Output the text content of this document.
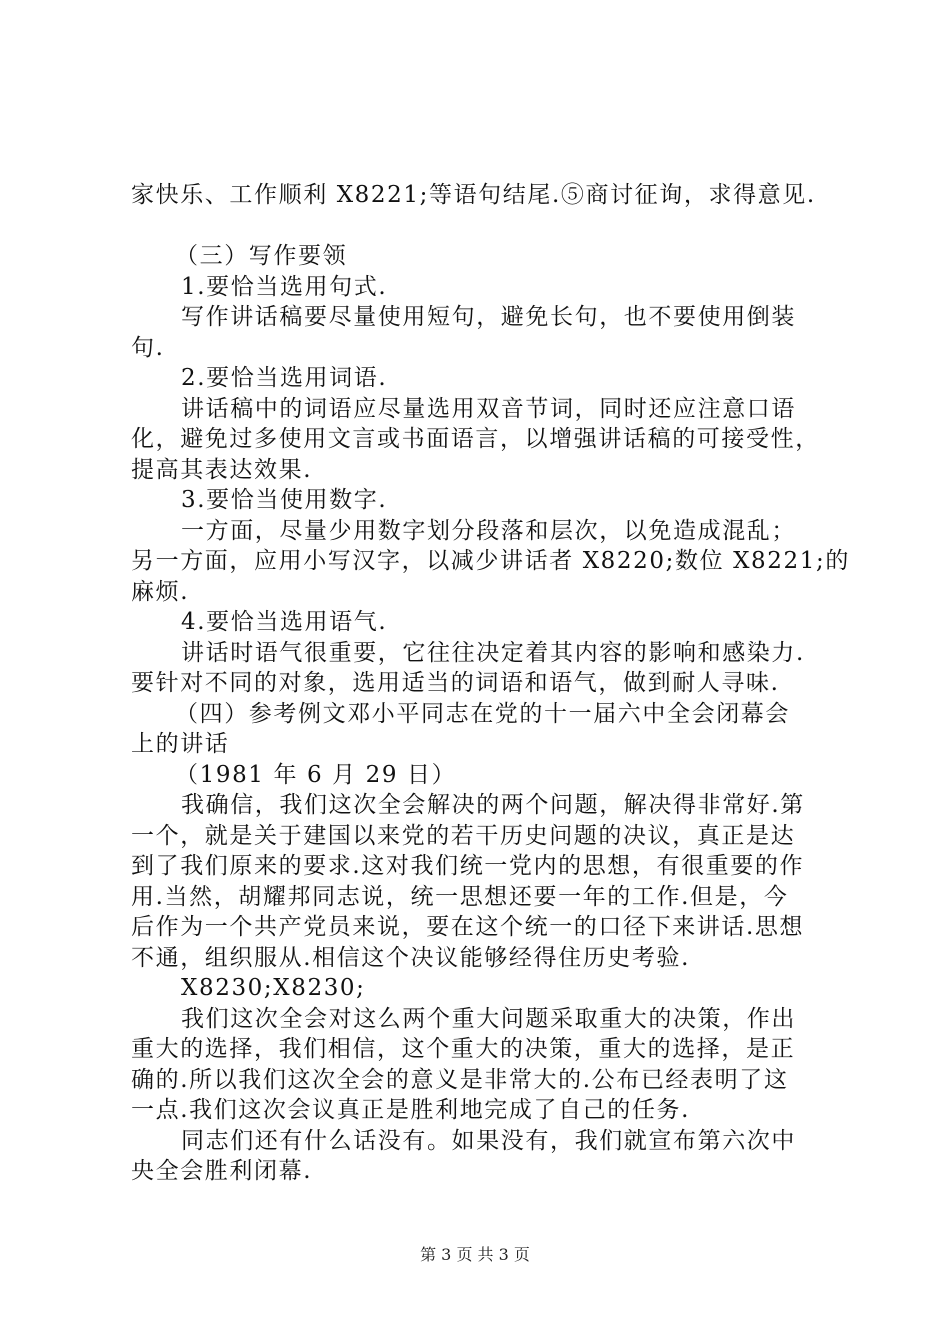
家快乐、工作顺利 X8221;等语句结尾.⑤商讨征询，求得意见.
（三）写作要领
1.要恰当选用句式.
写作讲话稿要尽量使用短句，避免长句，也不要使用倒装
句.
2.要恰当选用词语.
讲话稿中的词语应尽量选用双音节词，同时还应注意口语
化，避免过多使用文言或书面语言，以增强讲话稿的可接受性，
提高其表达效果.
3.要恰当使用数字.
一方面，尽量少用数字划分段落和层次，以免造成混乱；
另一方面，应用小写汉字，以减少讲话者 X8220;数位 X8221;的
麻烦.
4.要恰当选用语气.
讲话时语气很重要，它往往决定着其内容的影响和感染力.
要针对不同的对象，选用适当的词语和语气，做到耐人寻味.
（四）参考例文邓小平同志在党的十一届六中全会闭幕会
上的讲话
（1981 年 6 月 29 日）
我确信，我们这次全会解决的两个问题，解决得非常好.第
一个，就是关于建国以来党的若干历史问题的决议，真正是达
到了我们原来的要求.这对我们统一党内的思想，有很重要的作
用.当然，胡耀邦同志说，统一思想还要一年的工作.但是，今
后作为一个共产党员来说，要在这个统一的口径下来讲话.思想
不通，组织服从.相信这个决议能够经得住历史考验.
X8230;X8230;
我们这次全会对这么两个重大问题采取重大的决策，作出
重大的选择，我们相信，这个重大的决策，重大的选择，是正
确的.所以我们这次全会的意义是非常大的.公布已经表明了这
一点.我们这次会议真正是胜利地完成了自己的任务.
同志们还有什么话没有。如果没有，我们就宣布第六次中
央全会胜利闭幕.
第 3 页 共 3 页
